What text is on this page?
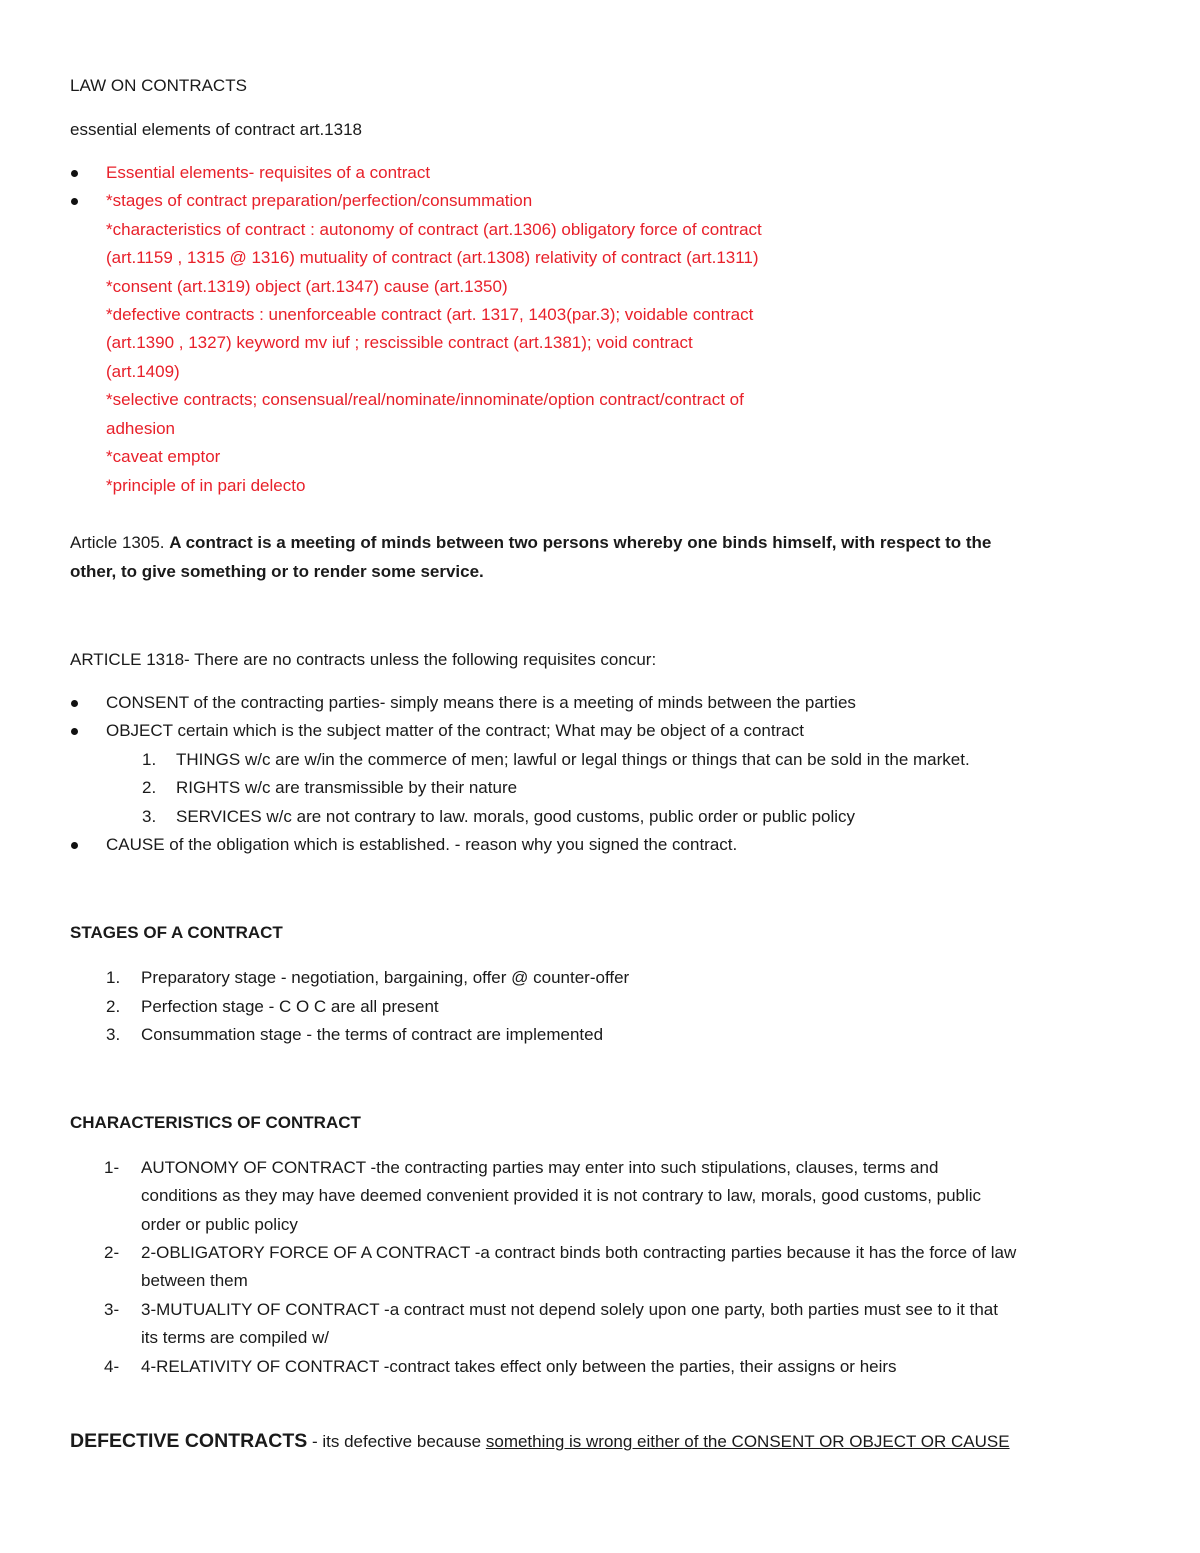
LAW ON CONTRACTS
essential elements of contract art.1318
Essential elements- requisites of a contract
*stages of contract preparation/perfection/consummation
*characteristics of contract : autonomy of contract (art.1306) obligatory force of contract
(art.1159 , 1315 @ 1316) mutuality of contract (art.1308) relativity of contract (art.1311)
*consent (art.1319) object (art.1347) cause (art.1350)
*defective contracts : unenforceable contract (art. 1317, 1403(par.3); voidable contract
(art.1390 , 1327) keyword mv iuf ; rescissible contract (art.1381); void contract
(art.1409)
*selective contracts; consensual/real/nominate/innominate/option contract/contract of
adhesion
*caveat emptor
*principle of in pari delecto
Article 1305. A contract is a meeting of minds between two persons whereby one binds himself, with respect to the
other, to give something or to render some service.
ARTICLE 1318- There are no contracts unless the following requisites concur:
CONSENT of the contracting parties- simply means there is a meeting of minds between the parties
OBJECT certain which is the subject matter of the contract; What may be object of a contract
1. THINGS w/c are w/in the commerce of men; lawful or legal things or things that can be sold in the market.
2. RIGHTS w/c are transmissible by their nature
3. SERVICES w/c are not contrary to law. morals, good customs, public order or public policy
CAUSE of the obligation which is established. - reason why you signed the contract.
STAGES OF A CONTRACT
1. Preparatory stage - negotiation, bargaining, offer @ counter-offer
2. Perfection stage - C O C are all present
3. Consummation stage - the terms of contract are implemented
CHARACTERISTICS OF CONTRACT
1- AUTONOMY OF CONTRACT -the contracting parties may enter into such stipulations, clauses, terms and
conditions as they may have deemed convenient provided it is not contrary to law, morals, good customs, public
order or public policy
2- 2-OBLIGATORY FORCE OF A CONTRACT -a contract binds both contracting parties because it has the force of law
between them
3- 3-MUTUALITY OF CONTRACT -a contract must not depend solely upon one party, both parties must see to it that
its terms are compiled w/
4- 4-RELATIVITY OF CONTRACT -contract takes effect only between the parties, their assigns or heirs
DEFECTIVE CONTRACTS - its defective because something is wrong either of the CONSENT OR OBJECT OR CAUSE
